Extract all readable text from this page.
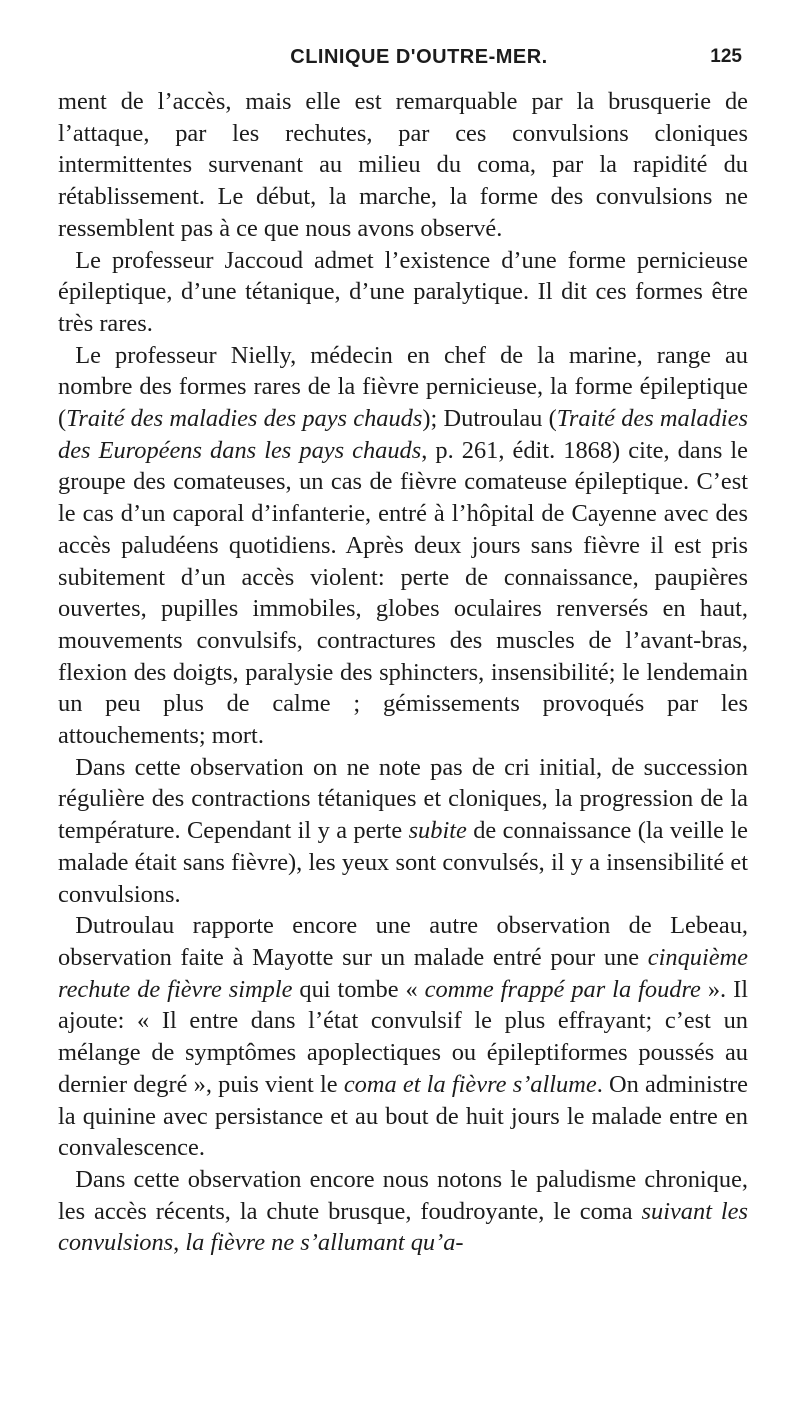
CLINIQUE D'OUTRE-MER.	125

ment de l’accès, mais elle est remarquable par la brusquerie de l’attaque, par les rechutes, par ces convulsions cloniques intermittentes survenant au milieu du coma, par la rapidité du rétablissement. Le début, la marche, la forme des convulsions ne ressemblent pas à ce que nous avons observé.

Le professeur Jaccoud admet l’existence d’une forme pernicieuse épileptique, d’une tétanique, d’une paralytique. Il dit ces formes être très rares.

Le professeur Nielly, médecin en chef de la marine, range au nombre des formes rares de la fièvre pernicieuse, la forme épileptique (Traité des maladies des pays chauds); Dutroulau (Traité des maladies des Européens dans les pays chauds, p. 261, édit. 1868) cite, dans le groupe des comateuses, un cas de fièvre comateuse épileptique. C’est le cas d’un caporal d’infanterie, entré à l’hôpital de Cayenne avec des accès paludéens quotidiens. Après deux jours sans fièvre il est pris subitement d’un accès violent: perte de connaissance, paupières ouvertes, pupilles immobiles, globes oculaires renversés en haut, mouvements convulsifs, contractures des muscles de l’avant-bras, flexion des doigts, paralysie des sphincters, insensibilité; le lendemain un peu plus de calme ; gémissements provoqués par les attouchements; mort.

Dans cette observation on ne note pas de cri initial, de succession régulière des contractions tétaniques et cloniques, la progression de la température. Cependant il y a perte subite de connaissance (la veille le malade était sans fièvre), les yeux sont convulsés, il y a insensibilité et convulsions.

Dutroulau rapporte encore une autre observation de Lebeau, observation faite à Mayotte sur un malade entré pour une cinquième rechute de fièvre simple qui tombe « comme frappé par la foudre ». Il ajoute: « Il entre dans l’état convulsif le plus effrayant; c’est un mélange de symptômes apoplectiques ou épileptiformes poussés au dernier degré », puis vient le coma et la fièvre s’allume. On administre la quinine avec persistance et au bout de huit jours le malade entre en convalescence.

Dans cette observation encore nous notons le paludisme chronique, les accès récents, la chute brusque, foudroyante, le coma suivant les convulsions, la fièvre ne s’allumant qu’a-
